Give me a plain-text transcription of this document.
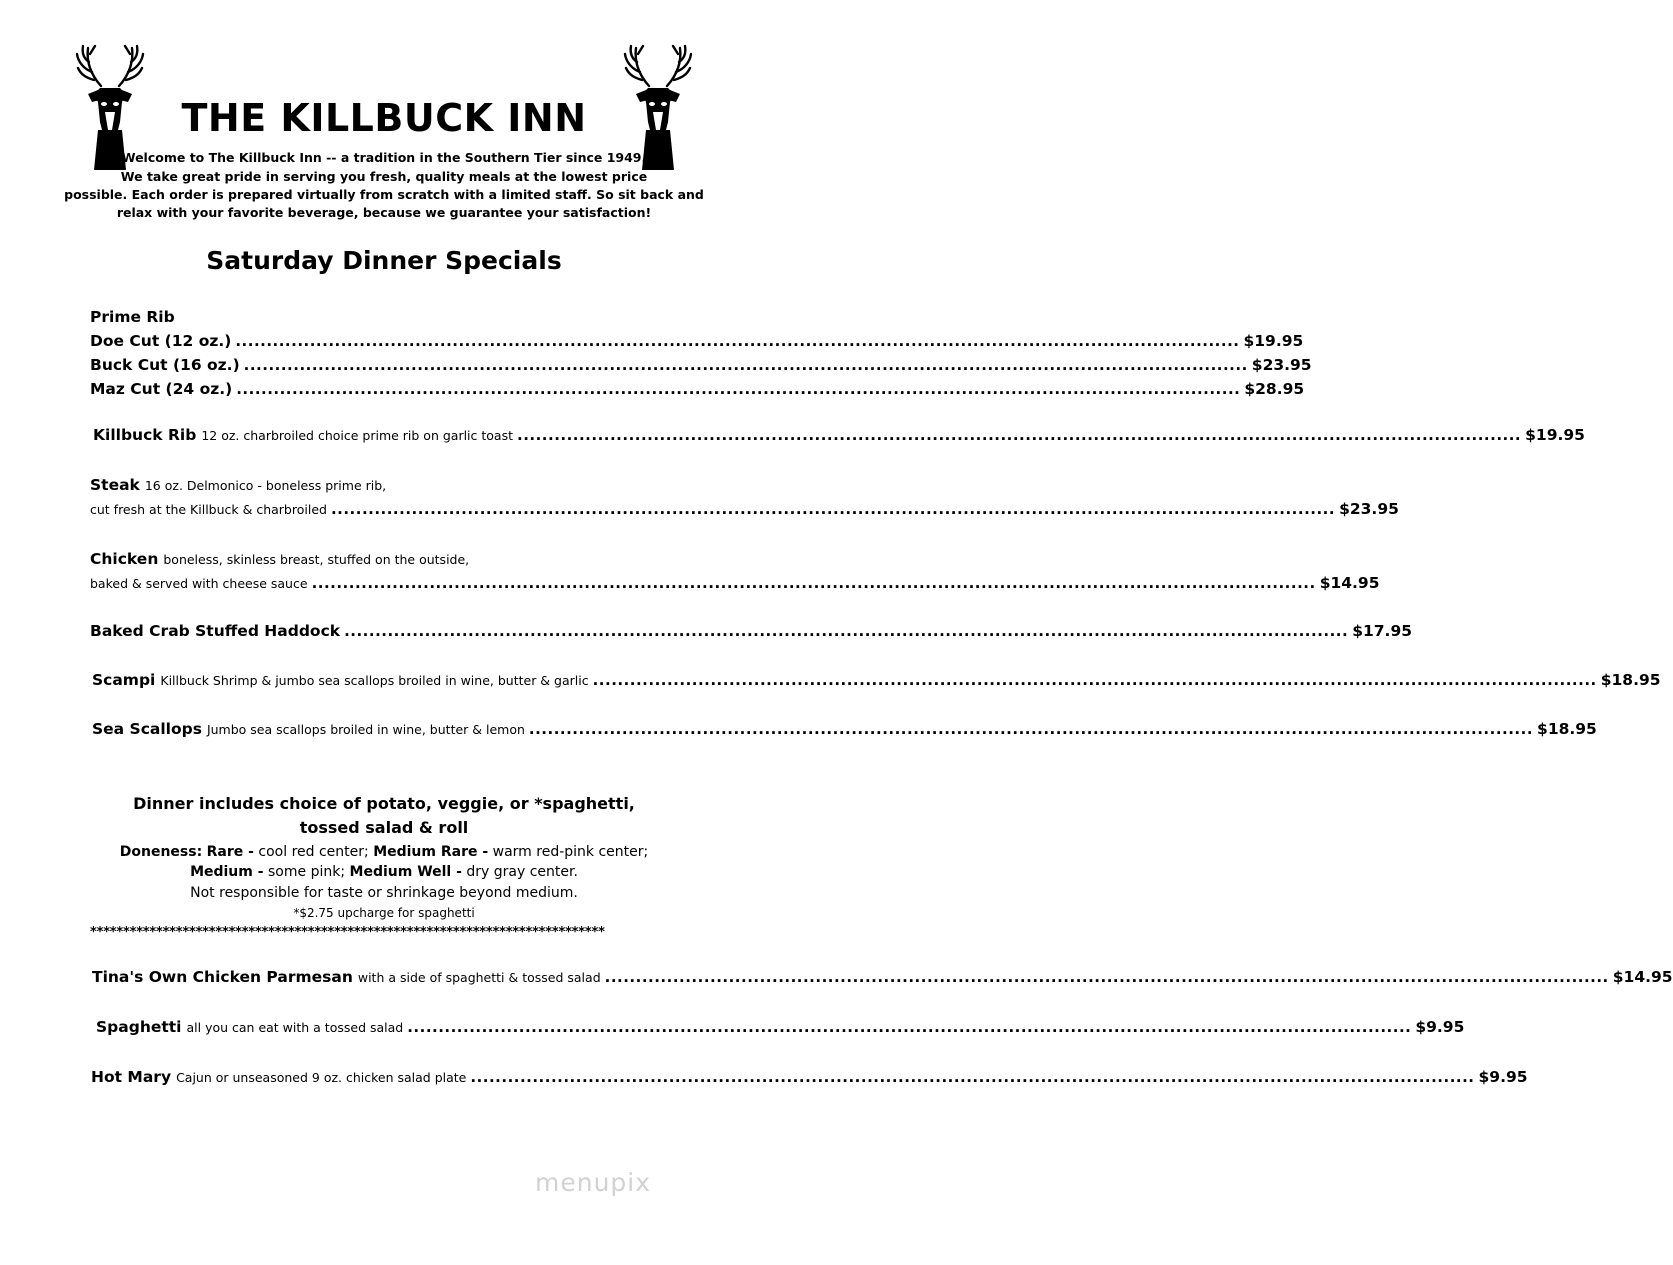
THE KILLBUCK INN
Welcome to The Killbuck Inn -- a tradition in the Southern Tier since 1949.
We take great pride in serving you fresh, quality meals at the lowest price
possible. Each order is prepared virtually from scratch with a limited staff. So sit back and
relax with your favorite beverage, because we guarantee your satisfaction!
Saturday Dinner Specials
Prime Rib
Doe Cut (12 oz.) .................................................................................................................................................................. $19.95
Buck Cut (16 oz.) .................................................................................................................................................................. $23.95
Maz Cut (24 oz.) .................................................................................................................................................................. $28.95
Killbuck Rib 12 oz. charbroiled choice prime rib on garlic toast .................................................................................................................................................................. $19.95
Steak 16 oz. Delmonico - boneless prime rib,
cut fresh at the Killbuck & charbroiled .................................................................................................................................................................. $23.95
Chicken boneless, skinless breast, stuffed on the outside,
baked & served with cheese sauce .................................................................................................................................................................. $14.95
Baked Crab Stuffed Haddock .................................................................................................................................................................. $17.95
Scampi Killbuck Shrimp & jumbo sea scallops broiled in wine, butter & garlic .................................................................................................................................................................. $18.95
Sea Scallops Jumbo sea scallops broiled in wine, butter & lemon .................................................................................................................................................................. $18.95
Dinner includes choice of potato, veggie, or *spaghetti,
tossed salad & roll
Doneness: Rare - cool red center; Medium Rare - warm red-pink center;
Medium - some pink; Medium Well - dry gray center.
Not responsible for taste or shrinkage beyond medium.
*$2.75 upcharge for spaghetti
******************************************************************************
Tina's Own Chicken Parmesan with a side of spaghetti & tossed salad .................................................................................................................................................................. $14.95
Spaghetti all you can eat with a tossed salad .................................................................................................................................................................. $9.95
Hot Mary Cajun or unseasoned 9 oz. chicken salad plate .................................................................................................................................................................. $9.95
menupix
